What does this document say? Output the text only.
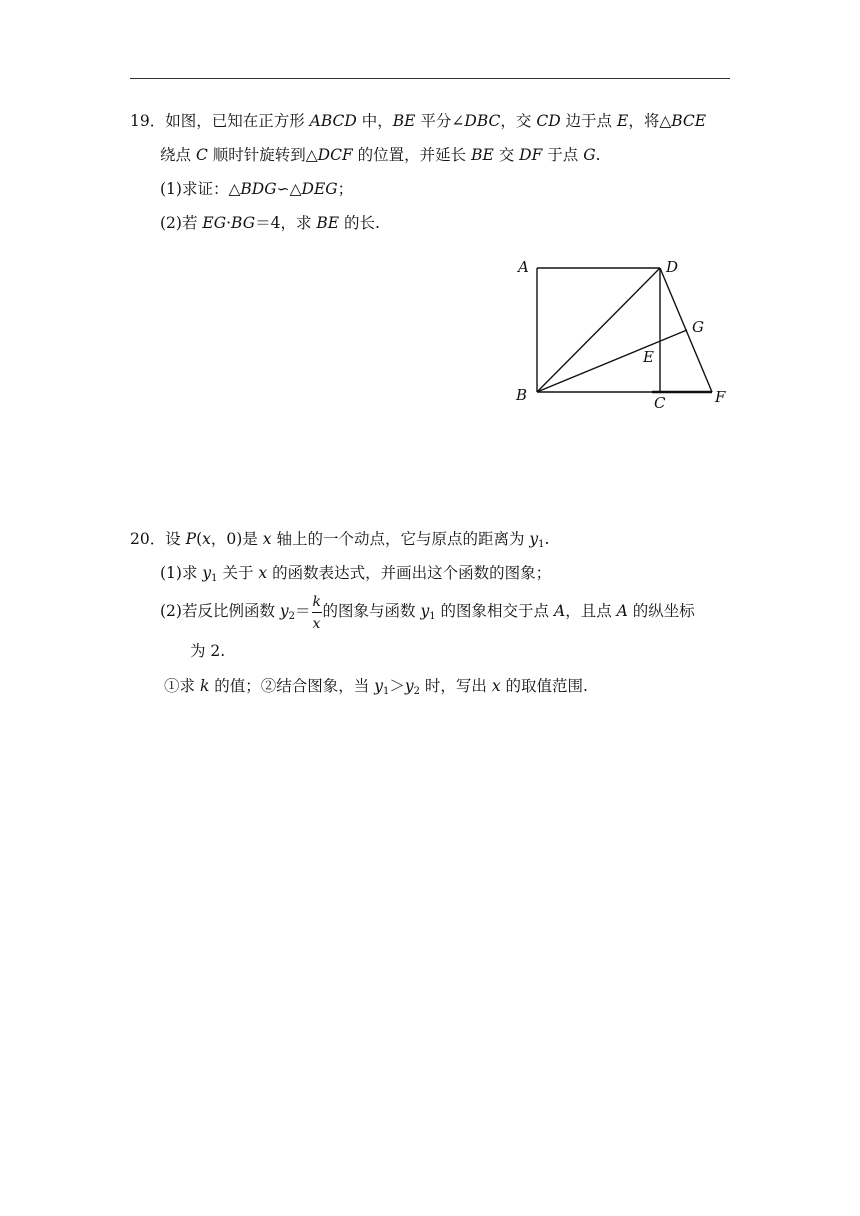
19．如图，已知在正方形 ABCD 中，BE 平分∠DBC，交 CD 边于点 E，将△BCE
绕点 C 顺时针旋转到△DCF 的位置，并延长 BE 交 DF 于点 G.
(1)求证：△BDG∽△DEG；
(2)若 EG·BG＝4，求 BE 的长.
A	D
G
E
B	C	F
20．设 P(x，0)是 x 轴上的一个动点，它与原点的距离为 $y_1$.
(1)求 $y_1$ 关于 x 的函数表达式，并画出这个函数的图象；
(2)若反比例函数 $y_2= \frac{k}{x}$ 的图象与函数 $y_1$ 的图象相交于点 A，且点 A 的纵坐标
为 2.
①求 k 的值；②结合图象，当 $y_1>y_2$ 时，写出 x 的取值范围.
